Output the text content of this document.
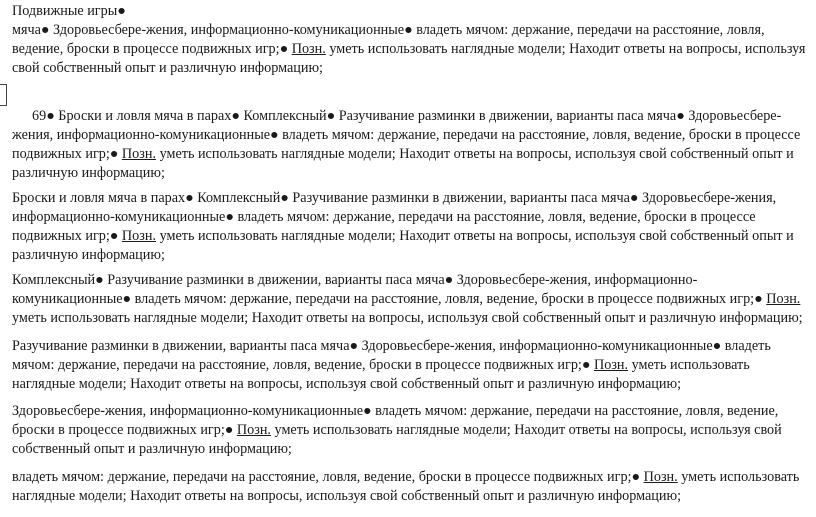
Подвижные игры●
мяча● Здоровьесбере-жения, информационно-комуникационные● владеть мячом: держание, передачи на расстояние, ловля, ведение, броски в процессе подвижных игр;● Позн. уметь использовать наглядные модели; Находит ответы на вопросы, используя свой собственный опыт и различную информацию;

69● Броски и ловля мяча в парах● Комплексный● Разучивание разминки в движении, варианты паса мяча● Здоровьесбере-жения, информационно-комуникационные● владеть мячом: держание, передачи на расстояние, ловля, ведение, броски в процессе подвижных игр;● Позн. уметь использовать наглядные модели; Находит ответы на вопросы, используя свой собственный опыт и различную информацию;

Броски и ловля мяча в парах● Комплексный● Разучивание разминки в движении, варианты паса мяча● Здоровьесбере-жения, информационно-комуникационные● владеть мячом: держание, передачи на расстояние, ловля, ведение, броски в процессе подвижных игр;● Позн. уметь использовать наглядные модели; Находит ответы на вопросы, используя свой собственный опыт и различную информацию;

Комплексный● Разучивание разминки в движении, варианты паса мяча● Здоровьесбере-жения, информационно-комуникационные● владеть мячом: держание, передачи на расстояние, ловля, ведение, броски в процессе подвижных игр;● Позн. уметь использовать наглядные модели; Находит ответы на вопросы, используя свой собственный опыт и различную информацию;

Разучивание разминки в движении, варианты паса мяча● Здоровьесбере-жения, информационно-комуникационные● владеть мячом: держание, передачи на расстояние, ловля, ведение, броски в процессе подвижных игр;● Позн. уметь использовать наглядные модели; Находит ответы на вопросы, используя свой собственный опыт и различную информацию;

Здоровьесбере-жения, информационно-комуникационные● владеть мячом: держание, передачи на расстояние, ловля, ведение, броски в процессе подвижных игр;● Позн. уметь использовать наглядные модели; Находит ответы на вопросы, используя свой собственный опыт и различную информацию;

владеть мячом: держание, передачи на расстояние, ловля, ведение, броски в процессе подвижных игр;● Позн. уметь использовать наглядные модели; Находит ответы на вопросы, используя свой собственный опыт и различную информацию;
